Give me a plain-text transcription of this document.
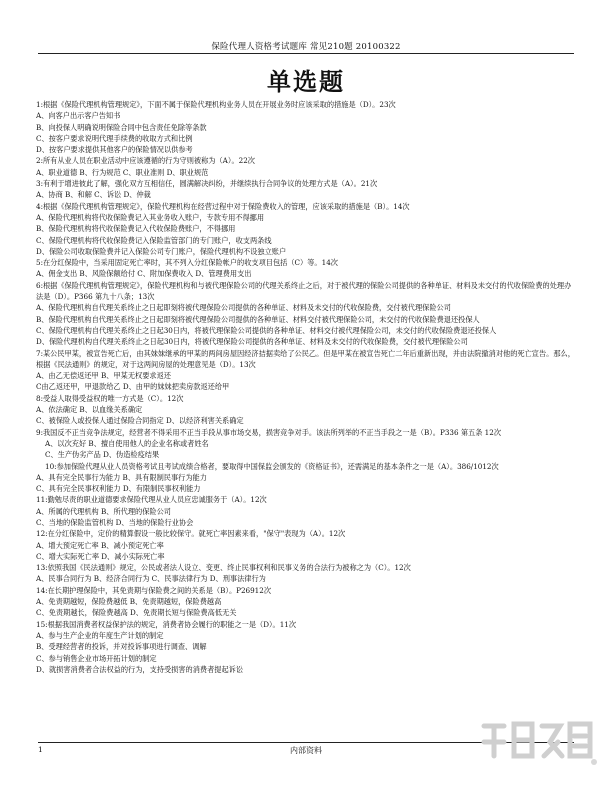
保险代理人资格考试题库 常见210题 20100322
单选题
1:根据《保险代理机构管理规定》，下面不属于保险代理机构业务人员在开展业务时应该采取的措施是（D）。23次
A、向客户出示客户告知书
B、向投保人明确说明保险合同中包含责任免除等条款
C、按客户要求说明代理手续费的收取方式和比例
D、按客户要求提供其他客户的保险情况以供参考
2:所有从业人员在职业活动中应该遵循的行为守则被称为（A）。22次
A、职业道德 B、行为规范 C、职业准则 D、职业规范
3:有利于增进彼此了解，强化双方互相信任，圆满解决纠纷，并继续执行合同争议的处理方式是（A）。21次
A、协商 B、和解 C、诉讼 D、仲裁
4:根据《保险代理机构管理规定》，保险代理机构在经营过程中对于保险费收入的管理，应该采取的措施是（B）。14次
A、保险代理机构将代收保险费记入其业务收入账户，专款专用不得挪用
B、保险代理机构将代收保险费记入代收保险费账户，不得挪用
C、保险代理机构将代收保险费记入保险监管部门的专门账户，收支两条线
D、保险公司收取保险费并记入保险公司专门账户，保险代理机构不设独立账户
5:在分红保险中，当采用固定死亡率时，其不列入分红保险帐户的收支项目包括（C）等。14次
A、佣金支出 B、风险保额给付 C、附加保费收入 D、管理费用支出
6:根据《保险代理机构管理规定》，保险代理机构和与被代理保险公司的代理关系终止之后，对于被代理的保险公司提供的各种单证、材料及未交付的代收保险费的处理办法是（D）。P366 第九十八条；13次
A、保险代理机构自代理关系终止之日起即刻将被代理保险公司提供的各种单证、材料及未交付的代收保险费，交付被代理保险公司
B、保险代理机构自代理关系终止之日起即刻将被代理保险公司提供的各种单证、材料交付被代理保险公司，未交付的代收保险费退还投保人
C、保险代理机构自代理关系终止之日起30日内，将被代理保险公司提供的各种单证、材料交付被代理保险公司，未交付的代收保险费退还投保人
D、保险代理机构自代理关系终止之日起30日内，将被代理保险公司提供的各种单证、材料及未交付的代收保险费，交付被代理保险公司
7:某公民甲某，被宣告死亡后，由其妹妹继承的甲某的两间房屋因经济拮据卖给了公民乙。但是甲某在被宣告死亡二年后重新出现，并由法院撤消对他的死亡宣告。那么，根据《民法通则》的规定，对于这两间房屋的处理意见是（D）。13次
A、由乙无偿返还甲 B、甲某无权要求返还
C由乙返还甲，甲退款给乙 D、由甲的妹妹把卖房款返还给甲
8:受益人取得受益权的唯一方式是（C）。12次
A、依法确定 B、以血缘关系确定
C、被保险人或投保人通过保险合同指定 D、以经济利害关系确定
9:我国反不正当竞争法规定，经营者不得采用不正当手段从事市场交易，损害竞争对手。该法所列举的不正当手段之一是（B）。P336 第五条 12次
A、以次充好 B、擅自使用他人的企业名称或者姓名
C、生产伪劣产品 D、伪造检疫结果
10:参加保险代理从业人员资格考试且考试成绩合格者，要取得中国保监会颁发的《资格证书》，还需满足的基本条件之一是（A）。386/1012次
A、具有完全民事行为能力 B、具有限制民事行为能力
C、具有完全民事权利能力 D、有限制民事权利能力
11:勤勉尽责的职业道德要求保险代理从业人员应忠诚服务于（A）。12次
A、所属的代理机构 B、所代理的保险公司
C、当地的保险监管机构 D、当地的保险行业协会
12:在分红保险中，定价的精算假设一般比较保守。就死亡率因素来看，"保守"表现为（A）。12次
A、增大预定死亡率 B、减小预定死亡率
C、增大实际死亡率 D、减小实际死亡率
13:依照我国《民法通则》规定，公民或者法人设立、变更、终止民事权利和民事义务的合法行为被称之为（C）。12次
A、民事合同行为 B、经济合同行为 C、民事法律行为 D、刑事法律行为
14:在长期护理保险中，其免责期与保险费之间的关系是（B）。P26912次
A、免责期越短，保险费越低 B、免责期越短，保险费越高
C、免责期越长，保险费越高 D、免责期长短与保险费高低无关
15:根据我国消费者权益保护法的规定，消费者协会履行的职能之一是（D）。11次
A、参与生产企业的年度生产计划的制定
B、受理经营者的投诉，并对投诉事项进行调查、调解
C、参与销售企业市场开拓计划的制定
D、就损害消费者合法权益的行为，支持受损害的消费者提起诉讼
1	内部资料
